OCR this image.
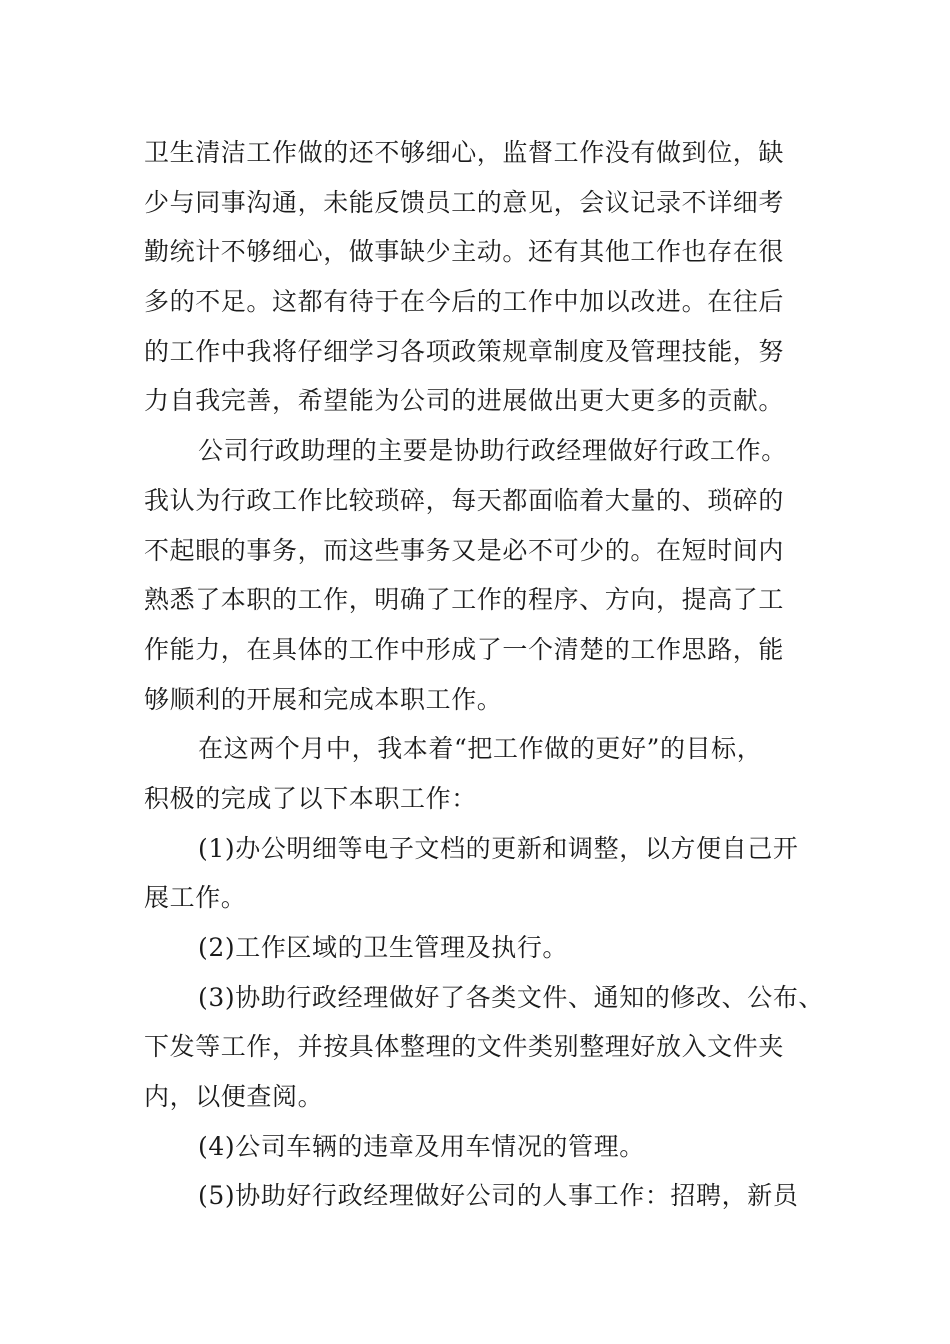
卫生清洁工作做的还不够细心，监督工作没有做到位，缺
少与同事沟通，未能反馈员工的意见，会议记录不详细考
勤统计不够细心，做事缺少主动。还有其他工作也存在很
多的不足。这都有待于在今后的工作中加以改进。在往后
的工作中我将仔细学习各项政策规章制度及管理技能，努
力自我完善，希望能为公司的进展做出更大更多的贡献。
公司行政助理的主要是协助行政经理做好行政工作。
我认为行政工作比较琐碎，每天都面临着大量的、琐碎的
不起眼的事务，而这些事务又是必不可少的。在短时间内
熟悉了本职的工作，明确了工作的程序、方向，提高了工
作能力，在具体的工作中形成了一个清楚的工作思路，能
够顺利的开展和完成本职工作。
在这两个月中，我本着“把工作做的更好”的目标，
积极的完成了以下本职工作：
(1)办公明细等电子文档的更新和调整，以方便自己开
展工作。
(2)工作区域的卫生管理及执行。
(3)协助行政经理做好了各类文件、通知的修改、公布、
下发等工作，并按具体整理的文件类别整理好放入文件夹
内，以便查阅。
(4)公司车辆的违章及用车情况的管理。
(5)协助好行政经理做好公司的人事工作：招聘，新员
